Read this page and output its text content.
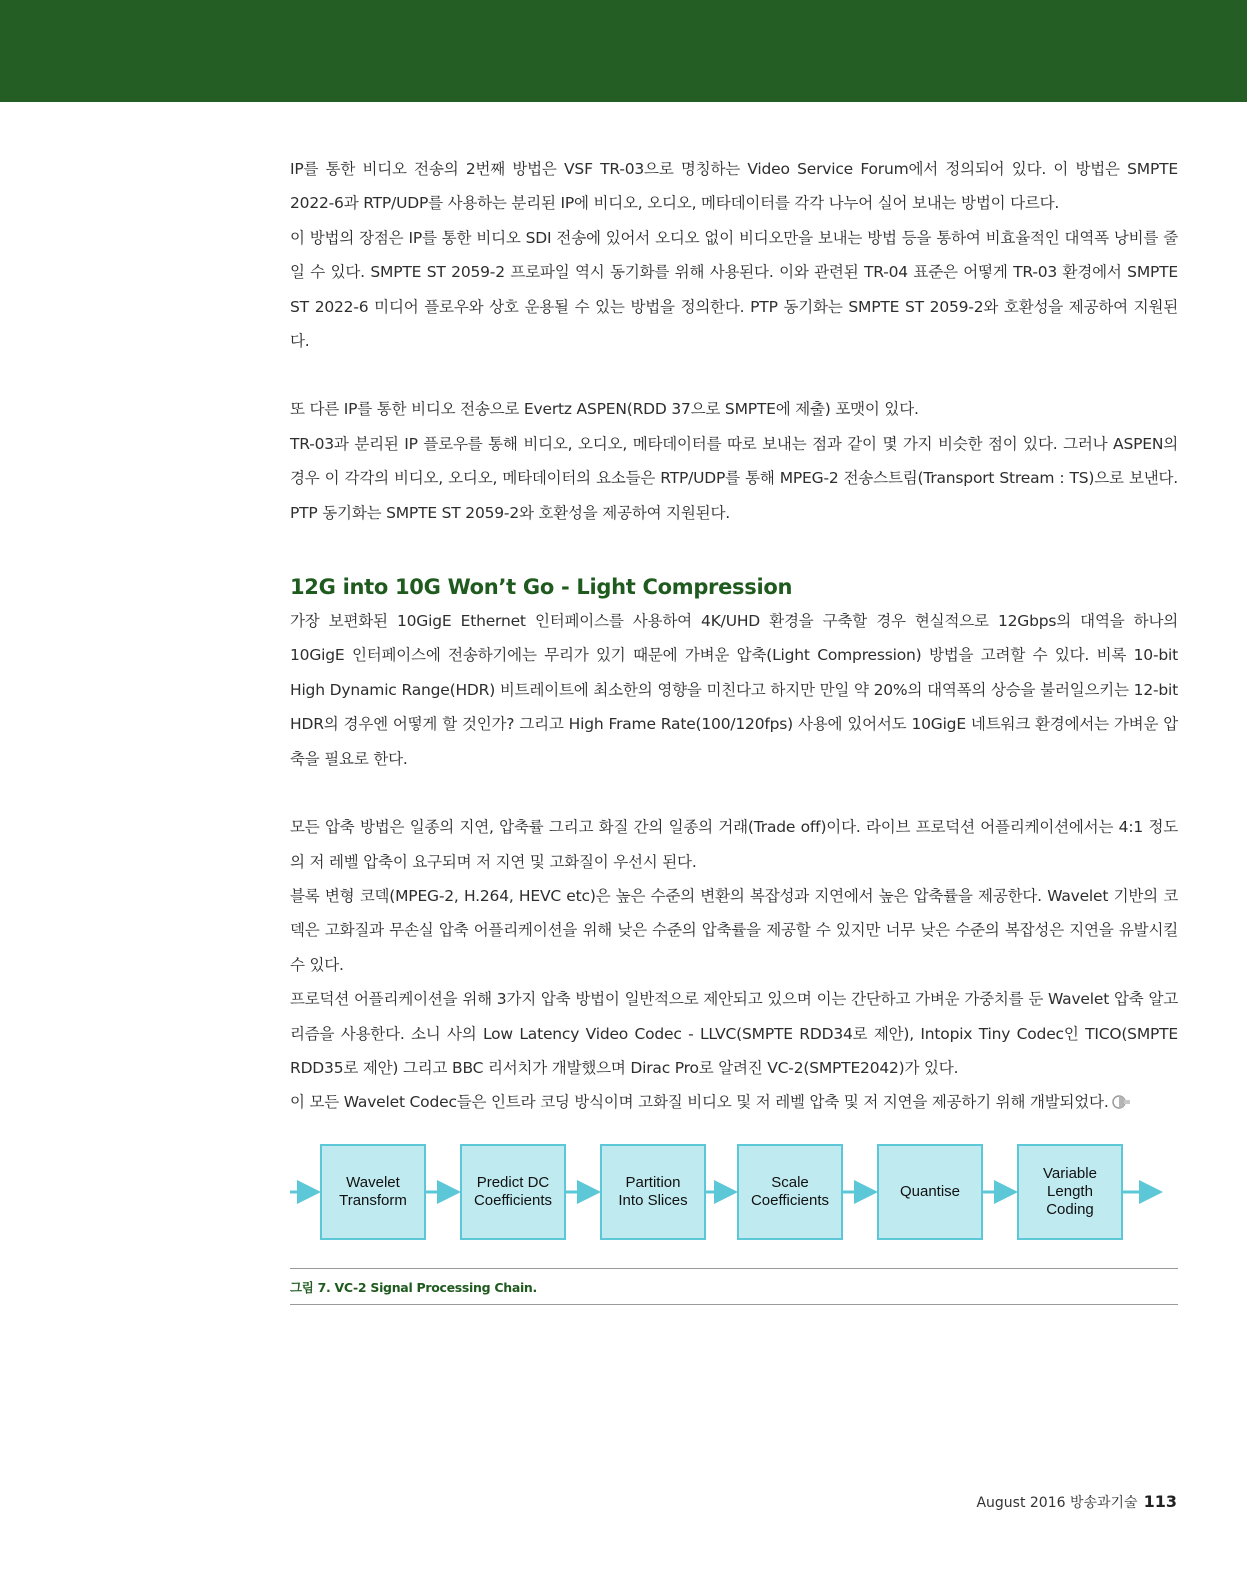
IP를 통한 비디오 전송의 2번째 방법은 VSF TR-03으로 명칭하는 Video Service Forum에서 정의되어 있다. 이 방법은 SMPTE 2022-6과 RTP/UDP를 사용하는 분리된 IP에 비디오, 오디오, 메타데이터를 각각 나누어 실어 보내는 방법이 다르다.

이 방법의 장점은 IP를 통한 비디오 SDI 전송에 있어서 오디오 없이 비디오만을 보내는 방법 등을 통하여 비효율적인 대역폭 낭비를 줄일 수 있다. SMPTE ST 2059-2 프로파일 역시 동기화를 위해 사용된다. 이와 관련된 TR-04 표준은 어떻게 TR-03 환경에서 SMPTE ST 2022-6 미디어 플로우와 상호 운용될 수 있는 방법을 정의한다. PTP 동기화는 SMPTE ST 2059-2와 호환성을 제공하여 지원된다.

또 다른 IP를 통한 비디오 전송으로 Evertz ASPEN(RDD 37으로 SMPTE에 제출) 포맷이 있다.

TR-03과 분리된 IP 플로우를 통해 비디오, 오디오, 메타데이터를 따로 보내는 점과 같이 몇 가지 비슷한 점이 있다. 그러나 ASPEN의 경우 이 각각의 비디오, 오디오, 메타데이터의 요소들은 RTP/UDP를 통해 MPEG-2 전송스트림(Transport Stream : TS)으로 보낸다. PTP 동기화는 SMPTE ST 2059-2와 호환성을 제공하여 지원된다.

12G into 10G Won’t Go - Light Compression

가장 보편화된 10GigE Ethernet 인터페이스를 사용하여 4K/UHD 환경을 구축할 경우 현실적으로 12Gbps의 대역을 하나의 10GigE 인터페이스에 전송하기에는 무리가 있기 때문에 가벼운 압축(Light Compression) 방법을 고려할 수 있다. 비록 10-bit High Dynamic Range(HDR) 비트레이트에 최소한의 영향을 미친다고 하지만 만일 약 20%의 대역폭의 상승을 불러일으키는 12-bit HDR의 경우엔 어떻게 할 것인가? 그리고 High Frame Rate(100/120fps) 사용에 있어서도 10GigE 네트워크 환경에서는 가벼운 압축을 필요로 한다.

모든 압축 방법은 일종의 지연, 압축률 그리고 화질 간의 일종의 거래(Trade off)이다. 라이브 프로덕션 어플리케이션에서는 4:1 정도의 저 레벨 압축이 요구되며 저 지연 및 고화질이 우선시 된다.

블록 변형 코덱(MPEG-2, H.264, HEVC etc)은 높은 수준의 변환의 복잡성과 지연에서 높은 압축률을 제공한다. Wavelet 기반의 코덱은 고화질과 무손실 압축 어플리케이션을 위해 낮은 수준의 압축률을 제공할 수 있지만 너무 낮은 수준의 복잡성은 지연을 유발시킬 수 있다.

프로덕션 어플리케이션을 위해 3가지 압축 방법이 일반적으로 제안되고 있으며 이는 간단하고 가벼운 가중치를 둔 Wavelet 압축 알고리즘을 사용한다. 소니 사의 Low Latency Video Codec - LLVC(SMPTE RDD34로 제안), Intopix Tiny Codec인 TICO(SMPTE RDD35로 제안) 그리고 BBC 리서치가 개발했으며 Dirac Pro로 알려진 VC-2(SMPTE2042)가 있다.

이 모든 Wavelet Codec들은 인트라 코딩 방식이며 고화질 비디오 및 저 레벨 압축 및 저 지연을 제공하기 위해 개발되었다.

Wavelet
Transform
Predict DC
Coefficients
Partition
Into Slices
Scale
Coefficients
Quantise
Variable
Length
Coding
그림 7. VC-2 Signal Processing Chain.
August 2016 방송과기술 113
